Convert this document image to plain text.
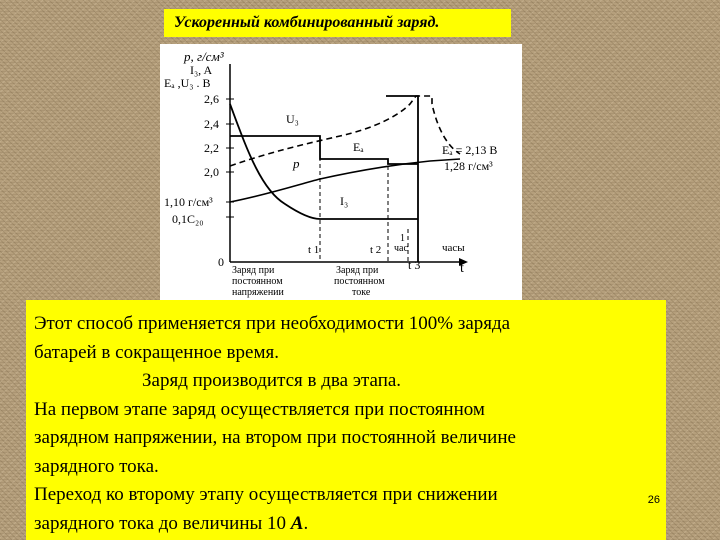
Ускоренный комбинированный заряд.
p, г/см³
I₃, A
Eₐ ,U₃ . B
2,6
2,4
2,2
2,0
1,10 г/см³
0,1C₂₀
0
U₃
Eₐ
p
I₃
Eₐ = 2,13 B
1,28 г/см³
t 1	t 2
1
час	часы
t 3	t
Заряд при
постоянном
напряжении
Заряд при
постоянном
токе

Этот способ применяется при необходимости 100% заряда

батарей в сокращенное время.

Заряд производится в два этапа.

На первом этапе заряд осуществляется при постоянном

зарядном напряжении, на втором при постоянной величине

зарядного тока.

Переход ко второму этапу осуществляется при снижении

зарядного тока до величины 10 А.

26
